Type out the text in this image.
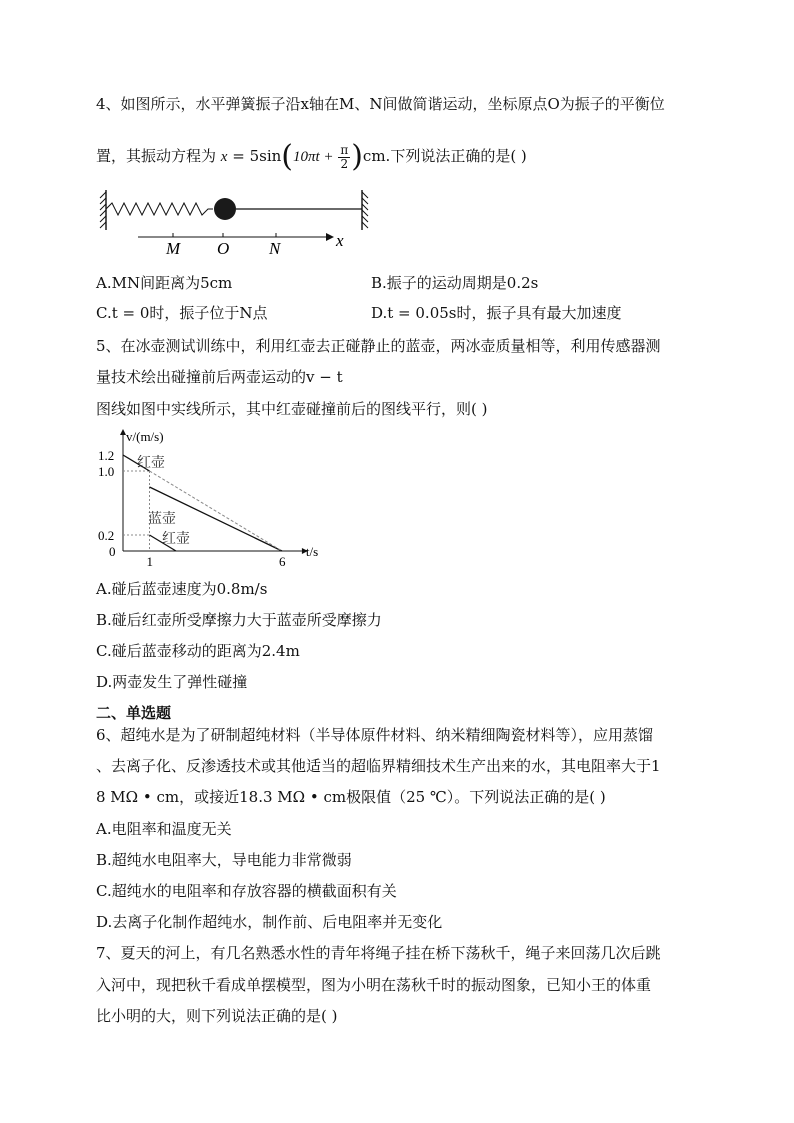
4、如图所示，水平弹簧振子沿x轴在M、N间做简谐运动，坐标原点O为振子的平衡位
置，其振动方程为 $x = 5\sin(10\pi t + \frac{\pi}{2} )cm$.下列说法正确的是( )
M O N	x
A.MN间距离为5cm	B.振子的运动周期是0.2s
C.t = 0时，振子位于N点	D.t = 0.05s时，振子具有最大加速度
5、在冰壶测试训练中，利用红壶去正碰静止的蓝壶，两冰壶质量相等，利用传感器测
量技术绘出碰撞前后两壶运动的v − t
图线如图中实线所示，其中红壶碰撞前后的图线平行，则( )
1.2
1.0
0.2
0
1	6
v/(m/s)
t/s
红壶
蓝壶
红壶
A.碰后蓝壶速度为0.8m/s
B.碰后红壶所受摩擦力大于蓝壶所受摩擦力
C.碰后蓝壶移动的距离为2.4m
D.两壶发生了弹性碰撞
二、单选题
6、超纯水是为了研制超纯材料（半导体原件材料、纳米精细陶瓷材料等），应用蒸馏
、去离子化、反渗透技术或其他适当的超临界精细技术生产出来的水，其电阻率大于1
8 MΩ • cm，或接近18.3 MΩ • cm极限值（25 ℃）。下列说法正确的是( )
A.电阻率和温度无关
B.超纯水电阻率大，导电能力非常微弱
C.超纯水的电阻率和存放容器的横截面积有关
D.去离子化制作超纯水，制作前、后电阻率并无变化
7、夏天的河上，有几名熟悉水性的青年将绳子挂在桥下荡秋千，绳子来回荡几次后跳
入河中，现把秋千看成单摆模型，图为小明在荡秋千时的振动图象，已知小王的体重
比小明的大，则下列说法正确的是( )
